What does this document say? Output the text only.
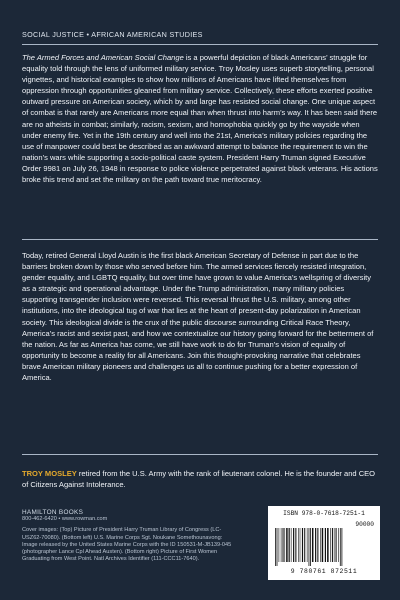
SOCIAL JUSTICE • AFRICAN AMERICAN STUDIES

The Armed Forces and American Social Change is a powerful depiction of black Americans’ struggle for equality told through the lens of uniformed military service. Troy Mosley uses superb storytelling, personal vignettes, and historical examples to show how millions of Americans have lifted themselves from oppression through opportunities gleaned from military service. Collectively, these efforts exerted positive outward pressure on American society, which by and large has resisted social change. One unique aspect of combat is that rarely are Americans more equal than when thrust into harm’s way. It has been said there are no atheists in combat; similarly, racism, sexism, and homophobia quickly go by the wayside when under enemy fire. Yet in the 19th century and well into the 21st, America’s military policies regarding the use of manpower could best be described as an awkward attempt to balance the requirement to win the nation’s wars while supporting a socio-political caste system. President Harry Truman signed Executive Order 9981 on July 26, 1948 in response to police violence perpetrated against black veterans. His actions broke this trend and set the military on the path toward true meritocracy.

Today, retired General Lloyd Austin is the first black American Secretary of Defense in part due to the barriers broken down by those who served before him. The armed services fiercely resisted integration, gender equality, and LGBTQ equality, but over time have grown to value America’s wellspring of diversity as a strategic and operational advantage. Under the Trump administration, many military policies supporting transgender inclusion were reversed. This reversal thrust the U.S. military, among other institutions, into the ideological tug of war that lies at the heart of present-day polarization in American society. This ideological divide is the crux of the public discourse surrounding Critical Race Theory, America’s racist and sexist past, and how we contextualize our history going forward for the betterment of the nation. As far as America has come, we still have work to do for Truman’s vision of equality of opportunity to become a reality for all Americans. Join this thought-provoking narrative that celebrates brave American military pioneers and challenges us all to continue pushing for a better expression of America.

TROY MOSLEY retired from the U.S. Army with the rank of lieutenant colonel. He is the founder and CEO of Citizens Against Intolerance.

HAMILTON BOOKS
800-462-6420 • www.rowman.com
Cover images: (Top) Picture of President Harry Truman Library of Congress (LC-USZ62-70080). (Bottom left) U.S. Marine Corps Sgt. Noukane Somethounavong: Image released by the United States Marine Corps with the ID 150531-M-JB139-045 (photographer Lance Cpl Ahead Austen). (Bottom right) Picture of First Women Graduating from West Point. Natl Archives Identifier (111-CCC11-7640).
ISBN 978-0-7618-7251-1
90000
9 780761 872511
